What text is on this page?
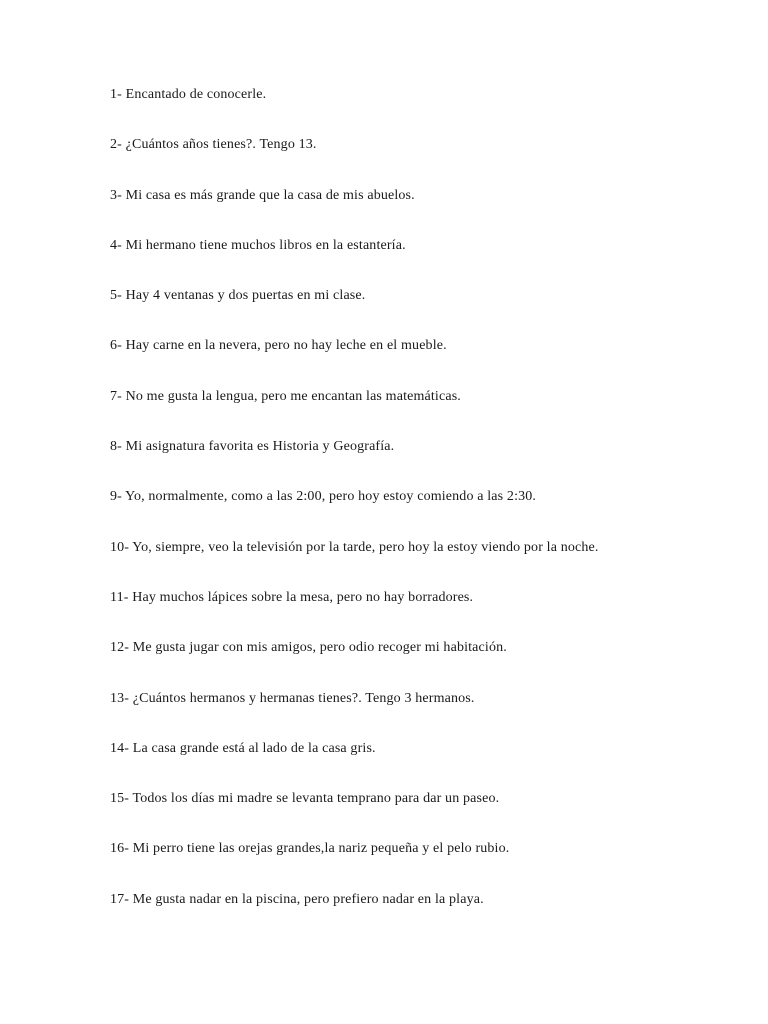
1- Encantado de conocerle.
2- ¿Cuántos años tienes?. Tengo 13.
3- Mi casa es más grande que la casa de mis abuelos.
4- Mi hermano tiene muchos libros en la estantería.
5- Hay 4 ventanas y dos puertas en mi clase.
6- Hay carne en la nevera, pero no hay leche en el mueble.
7- No me gusta la lengua, pero me encantan las matemáticas.
8- Mi asignatura favorita es Historia y Geografía.
9- Yo, normalmente, como a las 2:00, pero hoy estoy comiendo a las 2:30.
10- Yo, siempre, veo la televisión por la tarde, pero hoy la estoy viendo por la noche.
11- Hay muchos lápices sobre la mesa, pero no hay borradores.
12- Me gusta jugar con mis amigos, pero odio recoger mi habitación.
13- ¿Cuántos hermanos y hermanas tienes?. Tengo 3 hermanos.
14- La casa grande está al lado de la casa gris.
15- Todos los días mi madre se levanta temprano para dar un paseo.
16- Mi perro tiene las orejas grandes,la nariz pequeña y el pelo rubio.
17- Me gusta nadar en la piscina, pero prefiero nadar en la playa.
